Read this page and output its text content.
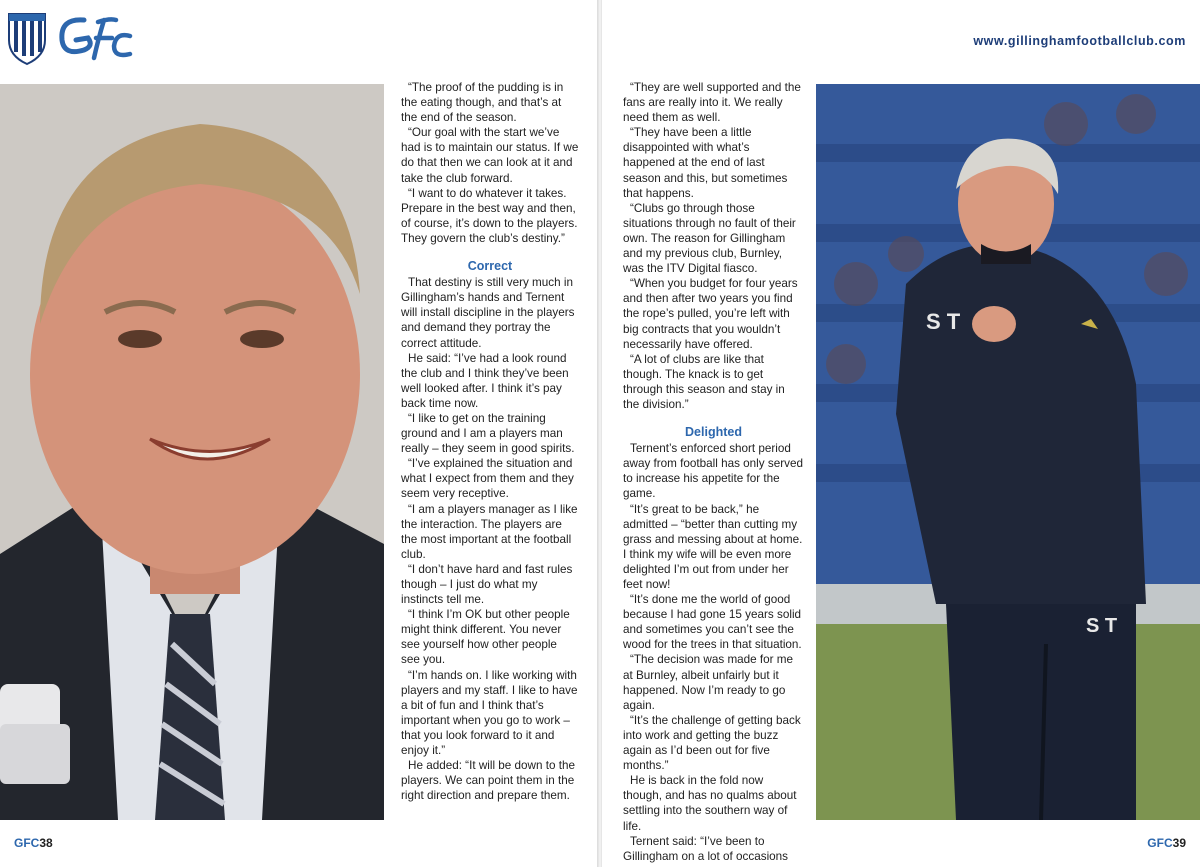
“The proof of the pudding is in the eating though, and that’s at the end of the season.

“Our goal with the start we’ve had is to maintain our status. If we do that then we can look at it and take the club forward.

“I want to do whatever it takes. Prepare in the best way and then, of course, it’s down to the players. They govern the club’s destiny.”

Correct

That destiny is still very much in Gillingham’s hands and Ternent will install discipline in the players and demand they portray the correct attitude.

He said: “I’ve had a look round the club and I think they’ve been well looked after. I think it’s pay back time now.

“I like to get on the training ground and I am a players man really – they seem in good spirits.

“I’ve explained the situation and what I expect from them and they seem very receptive.

“I am a players manager as I like the interaction. The players are the most important at the football club.

“I don’t have hard and fast rules though – I just do what my instincts tell me.

“I think I’m OK but other people might think different. You never see yourself how other people see you.

“I’m hands on. I like working with players and my staff. I like to have a bit of fun and I think that’s important when you go to work – that you look forward to it and enjoy it.”

He added: “It will be down to the players. We can point them in the right direction and prepare them.

GFC38
www.gillinghamfootballclub.com

“They are well supported and the fans are really into it. We really need them as well.

“They have been a little disappointed with what’s happened at the end of last season and this, but sometimes that happens.

“Clubs go through those situations through no fault of their own. The reason for Gillingham and my previous club, Burnley, was the ITV Digital fiasco.

“When you budget for four years and then after two years you find the rope’s pulled, you’re left with big contracts that you wouldn’t necessarily have offered.

“A lot of clubs are like that though. The knack is to get through this season and stay in the division.”

Delighted

Ternent’s enforced short period away from football has only served to increase his appetite for the game.

“It’s great to be back,” he admitted – “better than cutting my grass and messing about at home. I think my wife will be even more delighted I’m out from under her feet now!

“It’s done me the world of good because I had gone 15 years solid and sometimes you can’t see the wood for the trees in that situation.

“The decision was made for me at Burnley, albeit unfairly but it happened. Now I’m ready to go again.

“It’s the challenge of getting back into work and getting the buzz again as I’d been out for five months.”

He is back in the fold now though, and has no qualms about settling into the southern way of life.

Ternent said: “I’ve been to Gillingham on a lot of occasions

S T
S T
GFC39
